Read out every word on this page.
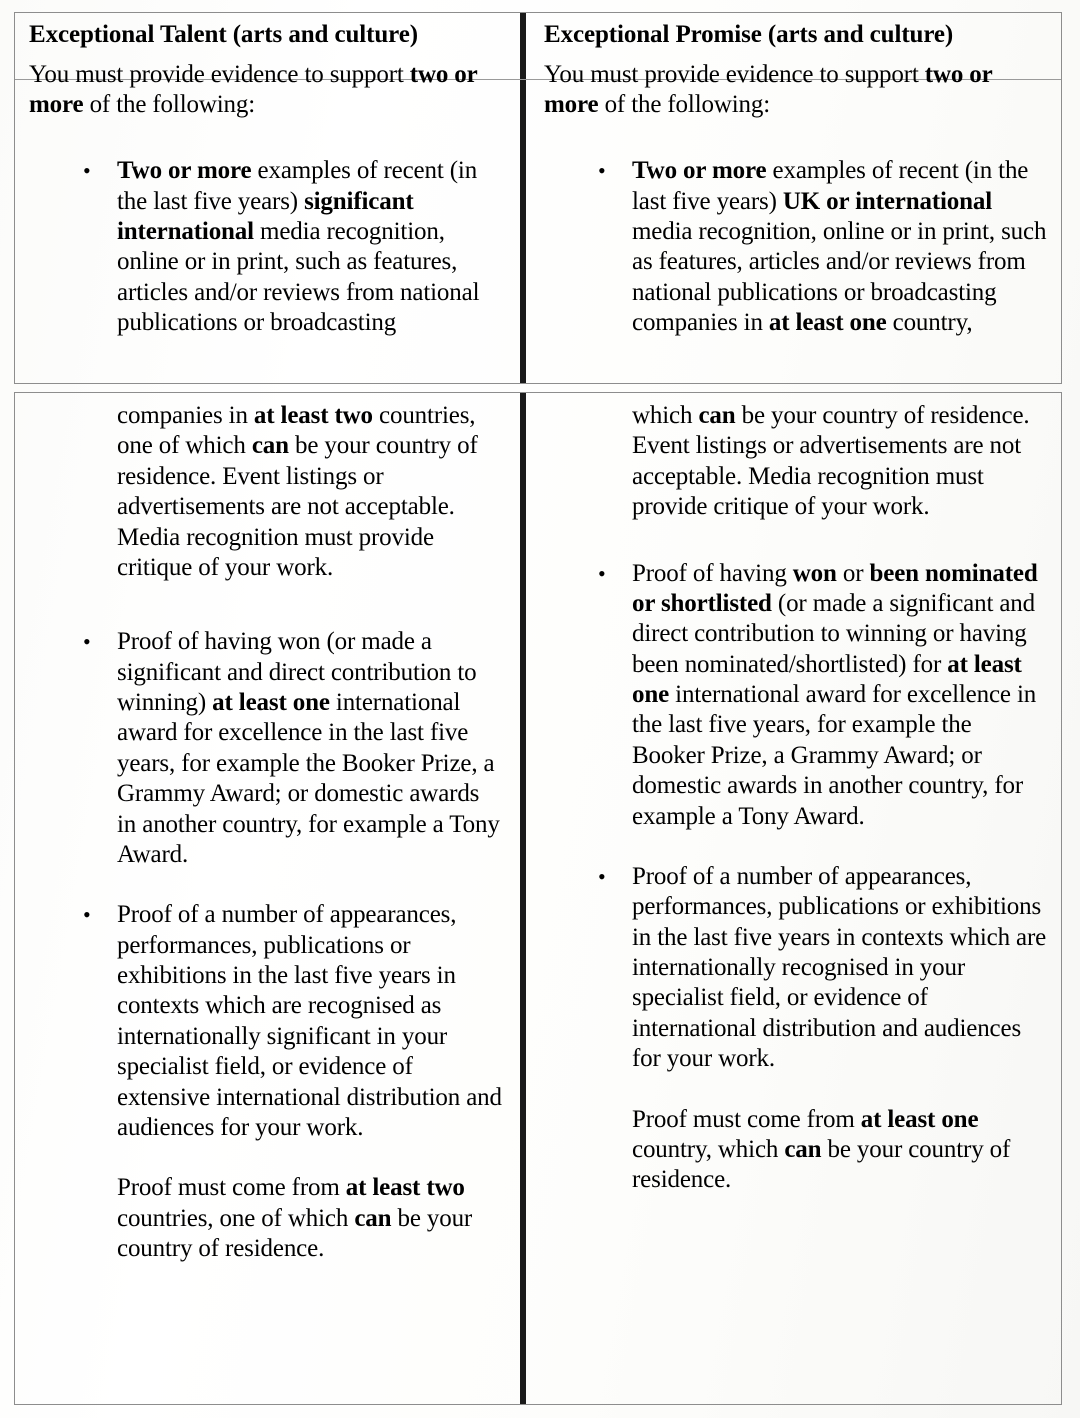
Exceptional Talent (arts and culture)

You must provide evidence to support two or more of the following:

• Two or more examples of recent (in the last five years) significant international media recognition, online or in print, such as features, articles and/or reviews from national publications or broadcasting
Exceptional Promise (arts and culture)

You must provide evidence to support two or more of the following:

• Two or more examples of recent (in the last five years) UK or international media recognition, online or in print, such as features, articles and/or reviews from national publications or broadcasting companies in at least one country,
companies in at least two countries, one of which can be your country of residence. Event listings or advertisements are not acceptable. Media recognition must provide critique of your work.
• Proof of having won (or made a significant and direct contribution to winning) at least one international award for excellence in the last five years, for example the Booker Prize, a Grammy Award; or domestic awards in another country, for example a Tony Award.
• Proof of a number of appearances, performances, publications or exhibitions in the last five years in contexts which are recognised as internationally significant in your specialist field, or evidence of extensive international distribution and audiences for your work.
Proof must come from at least two countries, one of which can be your country of residence.
which can be your country of residence. Event listings or advertisements are not acceptable. Media recognition must provide critique of your work.
• Proof of having won or been nominated or shortlisted (or made a significant and direct contribution to winning or having been nominated/shortlisted) for at least one international award for excellence in the last five years, for example the Booker Prize, a Grammy Award; or domestic awards in another country, for example a Tony Award.
• Proof of a number of appearances, performances, publications or exhibitions in the last five years in contexts which are internationally recognised in your specialist field, or evidence of international distribution and audiences for your work.
Proof must come from at least one country, which can be your country of residence.
